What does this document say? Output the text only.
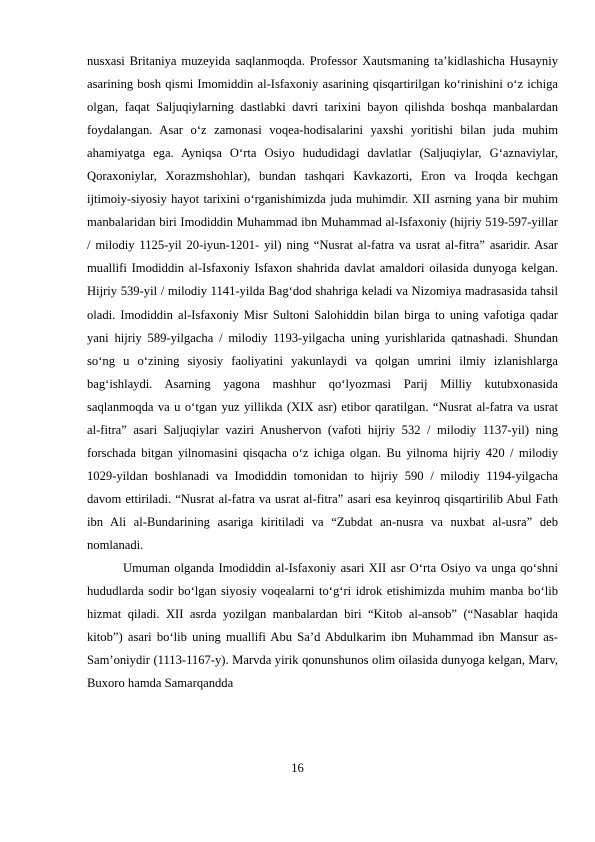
nusxasi Britaniya muzeyida saqlanmoqda. Professor Xautsmaning ta’kidlashicha Husayniy asarining bosh qismi Imomiddin al-Isfaxoniy asarining qisqartirilgan ko‘rinishini o‘z ichiga olgan, faqat Saljuqiylarning dastlabki davri tarixini bayon qilishda boshqa manbalardan foydalangan. Asar o‘z zamonasi voqea-hodisalarini yaxshi yoritishi bilan juda muhim ahamiyatga ega. Ayniqsa O‘rta Osiyo hududidagi davlatlar (Saljuqiylar, G‘aznaviylar, Qoraxoniylar, Xorazmshohlar), bundan tashqari Kavkazorti, Eron va Iroqda kechgan ijtimoiy-siyosiy hayot tarixini o‘rganishimizda juda muhimdir. XII asrning yana bir muhim manbalaridan biri Imodiddin Muhammad ibn Muhammad al-Isfaxoniy (hijriy 519-597-yillar / milodiy 1125-yil 20-iyun-1201- yil) ning “Nusrat al-fatra va usrat al-fitra” asaridir. Asar muallifi Imodiddin al-Isfaxoniy Isfaxon shahrida davlat amaldori oilasida dunyoga kelgan. Hijriy 539-yil / milodiy 1141-yilda Bag‘dod shahriga keladi va Nizomiya madrasasida tahsil oladi. Imodiddin al-Isfaxoniy Misr Sultoni Salohiddin bilan birga to uning vafotiga qadar yani hijriy 589-yilgacha / milodiy 1193-yilgacha uning yurishlarida qatnashadi. Shundan so‘ng u o‘zining siyosiy faoliyatini yakunlaydi va qolgan umrini ilmiy izlanishlarga bag‘ishlaydi. Asarning yagona mashhur qo‘lyozmasi Parij Milliy kutubxonasida saqlanmoqda va u o‘tgan yuz yillikda (XIX asr) etibor qaratilgan. “Nusrat al-fatra va usrat al-fitra” asari Saljuqiylar vaziri Anushervon (vafoti hijriy 532 / milodiy 1137-yil) ning forschada bitgan yilnomasini qisqacha o‘z ichiga olgan. Bu yilnoma hijriy 420 / milodiy 1029-yildan boshlanadi va Imodiddin tomonidan to hijriy 590 / milodiy 1194-yilgacha davom ettiriladi. “Nusrat al-fatra va usrat al-fitra” asari esa keyinroq qisqartirilib Abul Fath ibn Ali al-Bundarining asariga kiritiladi va “Zubdat an-nusra va nuxbat al-usra” deb nomlanadi.

Umuman olganda Imodiddin al-Isfaxoniy asari XII asr O‘rta Osiyo va unga qo‘shni hududlarda sodir bo‘lgan siyosiy voqealarni to‘g‘ri idrok etishimizda muhim manba bo‘lib hizmat qiladi. XII asrda yozilgan manbalardan biri “Kitob al-ansob” (“Nasablar haqida kitob”) asari bo‘lib uning muallifi Abu Sa’d Abdulkarim ibn Muhammad ibn Mansur as-Sam’oniydir (1113-1167-y). Marvda yirik qonunshunos olim oilasida dunyoga kelgan, Marv, Buxoro hamda Samarqandda

16
